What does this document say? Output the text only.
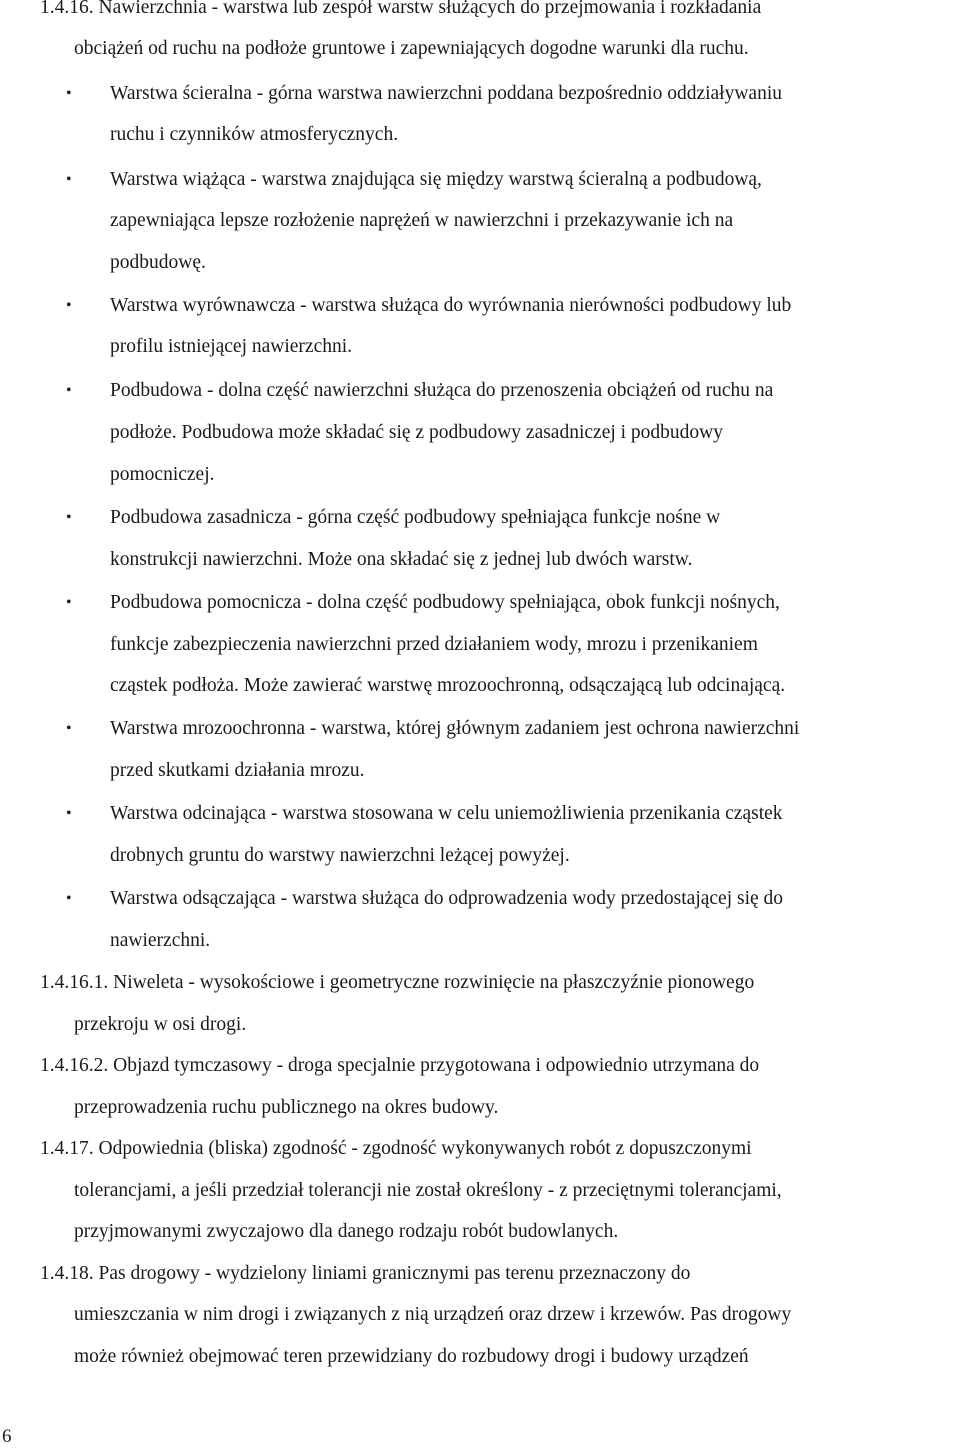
1.4.16. Nawierzchnia - warstwa lub zespół warstw służących do przejmowania i rozkładania
obciążeń od ruchu na podłoże gruntowe i zapewniających dogodne warunki dla ruchu.
•	Warstwa ścieralna - górna warstwa nawierzchni poddana bezpośrednio oddziaływaniu
ruchu i czynników atmosferycznych.
•	Warstwa wiążąca - warstwa znajdująca się między warstwą ścieralną a podbudową,
zapewniająca lepsze rozłożenie naprężeń w nawierzchni i przekazywanie ich na
podbudowę.
•	Warstwa wyrównawcza - warstwa służąca do wyrównania nierówności podbudowy lub
profilu istniejącej nawierzchni.
•	Podbudowa - dolna część nawierzchni służąca do przenoszenia obciążeń od ruchu na
podłoże. Podbudowa może składać się z podbudowy zasadniczej i podbudowy
pomocniczej.
•	Podbudowa zasadnicza - górna część podbudowy spełniająca funkcje nośne w
konstrukcji nawierzchni. Może ona składać się z jednej lub dwóch warstw.
•	Podbudowa pomocnicza - dolna część podbudowy spełniająca, obok funkcji nośnych,
funkcje zabezpieczenia nawierzchni przed działaniem wody, mrozu i przenikaniem
cząstek podłoża. Może zawierać warstwę mrozoochronną, odsączającą lub odcinającą.
•	Warstwa mrozoochronna - warstwa, której głównym zadaniem jest ochrona nawierzchni
przed skutkami działania mrozu.
•	Warstwa odcinająca - warstwa stosowana w celu uniemożliwienia przenikania cząstek
drobnych gruntu do warstwy nawierzchni leżącej powyżej.
•	Warstwa odsączająca - warstwa służąca do odprowadzenia wody przedostającej się do
nawierzchni.
1.4.16.1. Niweleta - wysokościowe i geometryczne rozwinięcie na płaszczyźnie pionowego
przekroju w osi drogi.
1.4.16.2. Objazd tymczasowy - droga specjalnie przygotowana i odpowiednio utrzymana do
przeprowadzenia ruchu publicznego na okres budowy.
1.4.17. Odpowiednia (bliska) zgodność - zgodność wykonywanych robót z dopuszczonymi
tolerancjami, a jeśli przedział tolerancji nie został określony - z przeciętnymi tolerancjami,
przyjmowanymi zwyczajowo dla danego rodzaju robót budowlanych.
1.4.18. Pas drogowy - wydzielony liniami granicznymi pas terenu przeznaczony do
umieszczania w nim drogi i związanych z nią urządzeń oraz drzew i krzewów. Pas drogowy
może również obejmować teren przewidziany do rozbudowy drogi i budowy urządzeń
6
